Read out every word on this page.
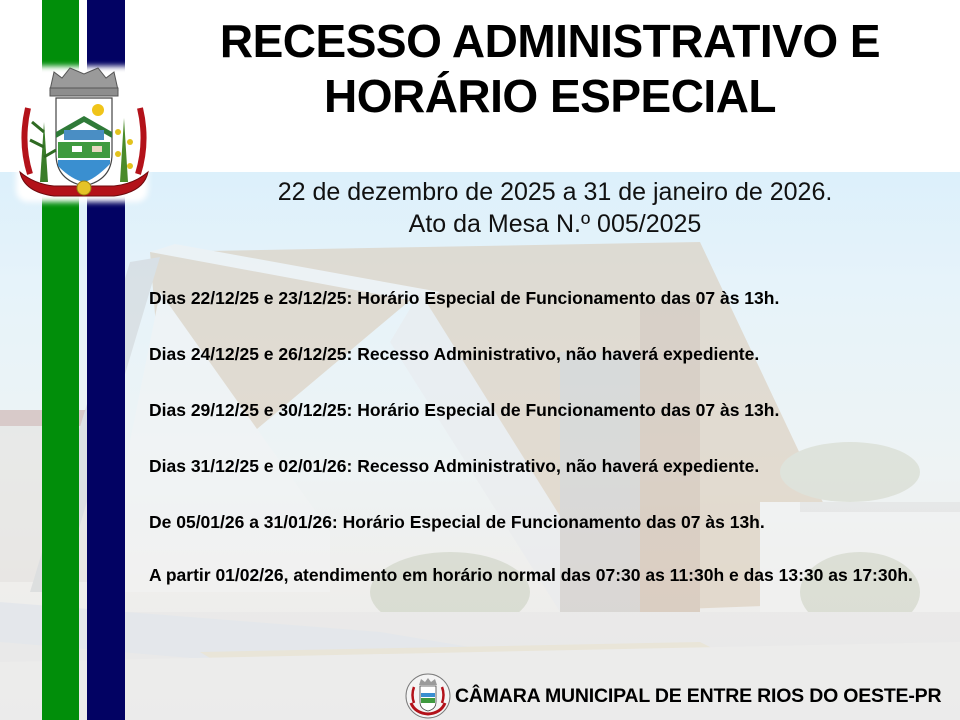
RECESSO ADMINISTRATIVO E
HORÁRIO ESPECIAL
22 de dezembro de 2025 a 31 de janeiro de 2026.
Ato da Mesa N.º 005/2025
Dias 22/12/25 e 23/12/25: Horário Especial de Funcionamento das 07 às 13h.
Dias 24/12/25 e 26/12/25: Recesso Administrativo, não haverá expediente.
Dias 29/12/25 e 30/12/25: Horário Especial de Funcionamento das 07 às 13h.
Dias 31/12/25 e 02/01/26: Recesso Administrativo, não haverá expediente.
De 05/01/26 a 31/01/26: Horário Especial de Funcionamento das 07 às 13h.
A partir 01/02/26, atendimento em horário normal das 07:30 as 11:30h e das 13:30 as 17:30h.
CÂMARA MUNICIPAL DE ENTRE RIOS DO OESTE-PR
